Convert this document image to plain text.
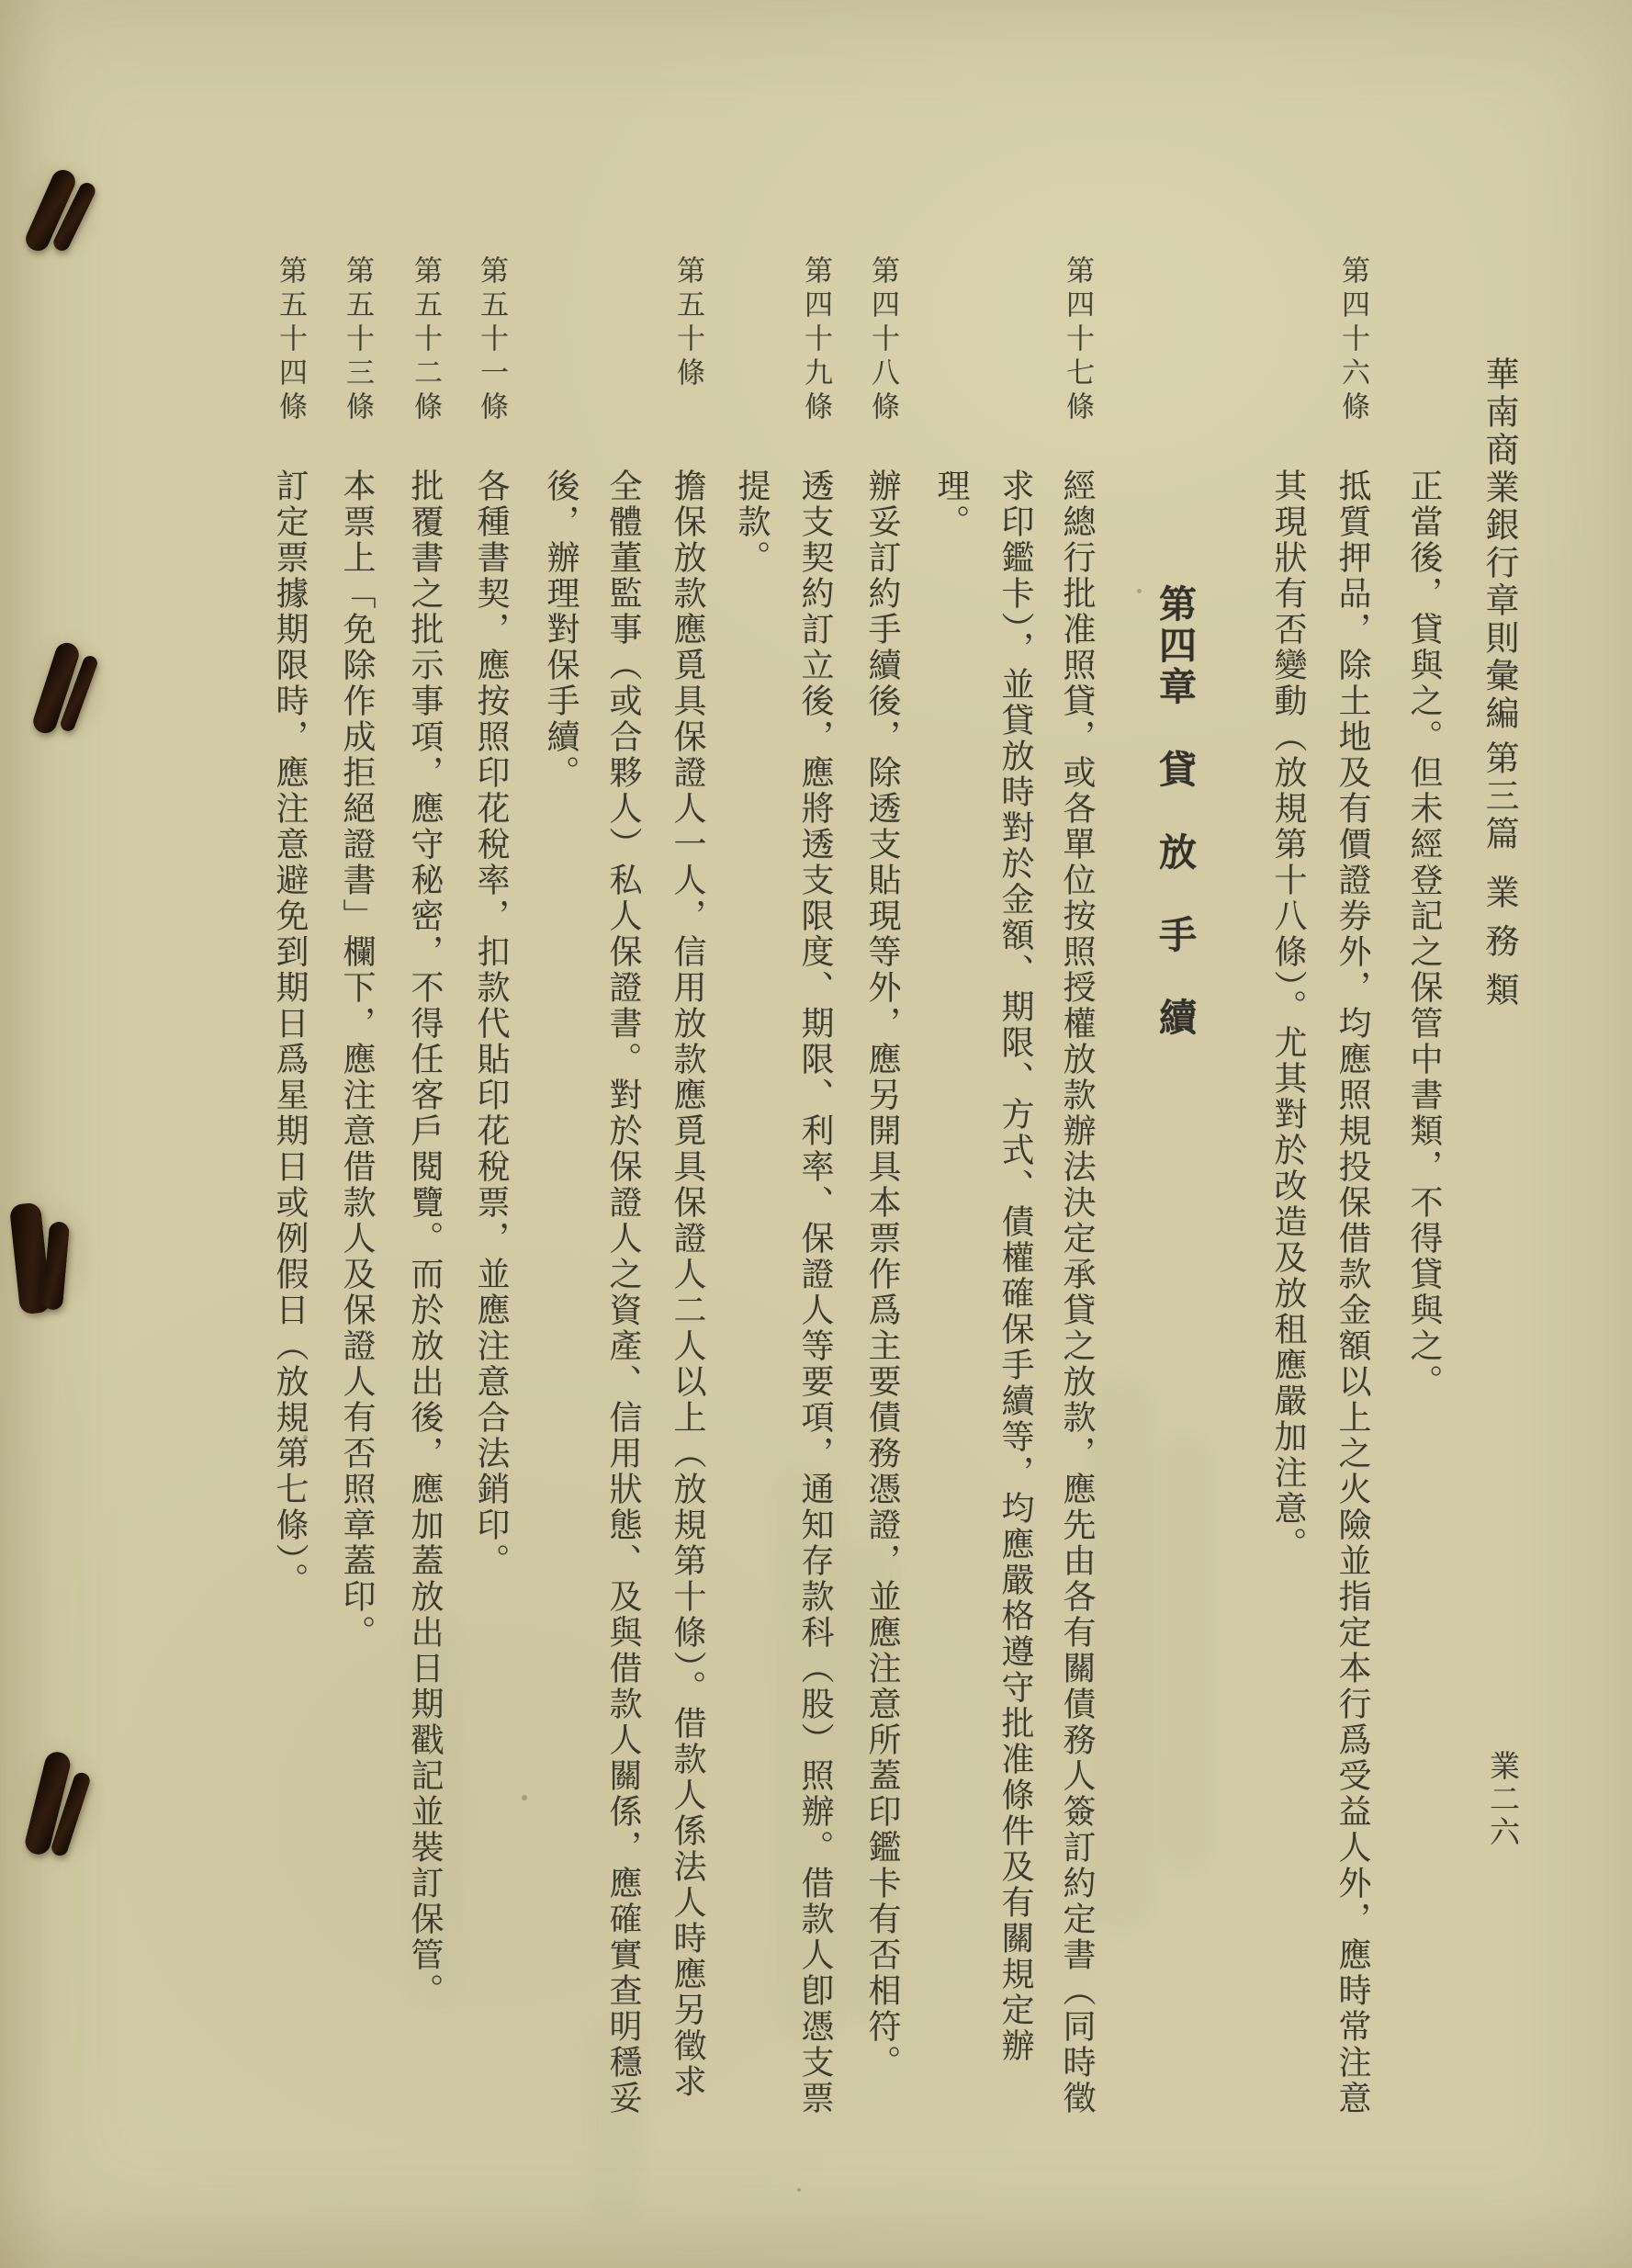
華南商業銀行章則彙編
第三篇
業務類
第四章　貸　放　手　續
業二六
正當後，貸與之。但未經登記之保管中書類，不得貸與之。
第四十六條
抵質押品，除土地及有價證券外，均應照規投保借款金額以上之火險並指定本行爲受益人外，應時常注意
其現狀有否變動（放規第十八條）。尤其對於改造及放租應嚴加注意。
第四十七條
經總行批准照貸，或各單位按照授權放款辦法決定承貸之放款，應先由各有關債務人簽訂約定書（同時徵
求印鑑卡），並貸放時對於金額、期限、方式、債權確保手續等，均應嚴格遵守批准條件及有關規定辦
理。
第四十八條
辦妥訂約手續後，除透支貼現等外，應另開具本票作爲主要債務憑證，並應注意所蓋印鑑卡有否相符。
第四十九條
透支契約訂立後，應將透支限度、期限、利率、保證人等要項，通知存款科（股）照辦。借款人卽憑支票
提款。
第五十條
擔保放款應覓具保證人一人，信用放款應覓具保證人二人以上（放規第十條）。借款人係法人時應另徵求
全體董監事（或合夥人）私人保證書。對於保證人之資產、信用狀態、及與借款人關係，應確實查明穩妥
後，辦理對保手續。
第五十一條
各種書契，應按照印花稅率，扣款代貼印花稅票，並應注意合法銷印。
第五十二條
批覆書之批示事項，應守秘密，不得任客戶閱覽。而於放出後，應加蓋放出日期戳記並裝訂保管。
第五十三條
本票上「免除作成拒絕證書」欄下，應注意借款人及保證人有否照章蓋印。
第五十四條
訂定票據期限時，應注意避免到期日爲星期日或例假日（放規第七條）。
